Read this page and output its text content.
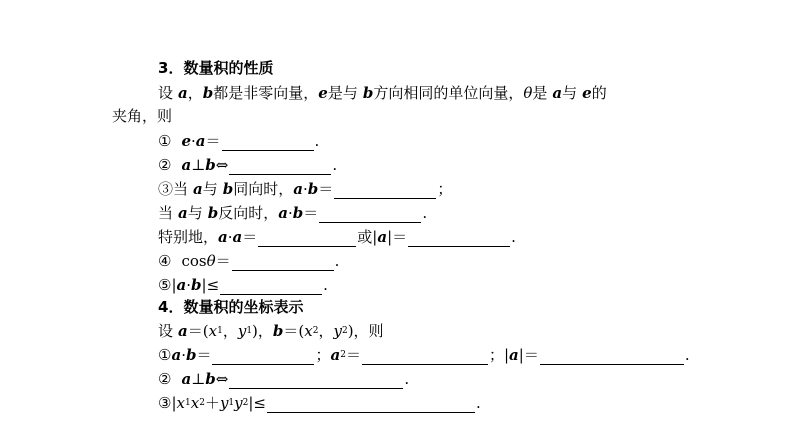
3 ．数量积的性质
设 a ， b 都是非零向量， e 是与 b 方向相同的单位向量， θ 是 a 与 e 的
夹角，则
① e · a ＝	.
② a ⊥ b ⇔	.
③当 a 与 b 同向时， a · b ＝	；
当 a 与 b 反向时， a · b ＝	.
特别地， a · a ＝	或| a |＝	.
④ cos θ ＝	.
⑤| a · b |≤	.
4 ．数量积的坐标表示
设 a ＝( x 1 ， y 1 )， b ＝( x 2 ， y 2 )，则
① a · b ＝	； a 2 ＝	；| a |＝	.
② a ⊥ b ⇔	.
③| x 1 x 2 ＋ y 1 y 2 |≤	.
